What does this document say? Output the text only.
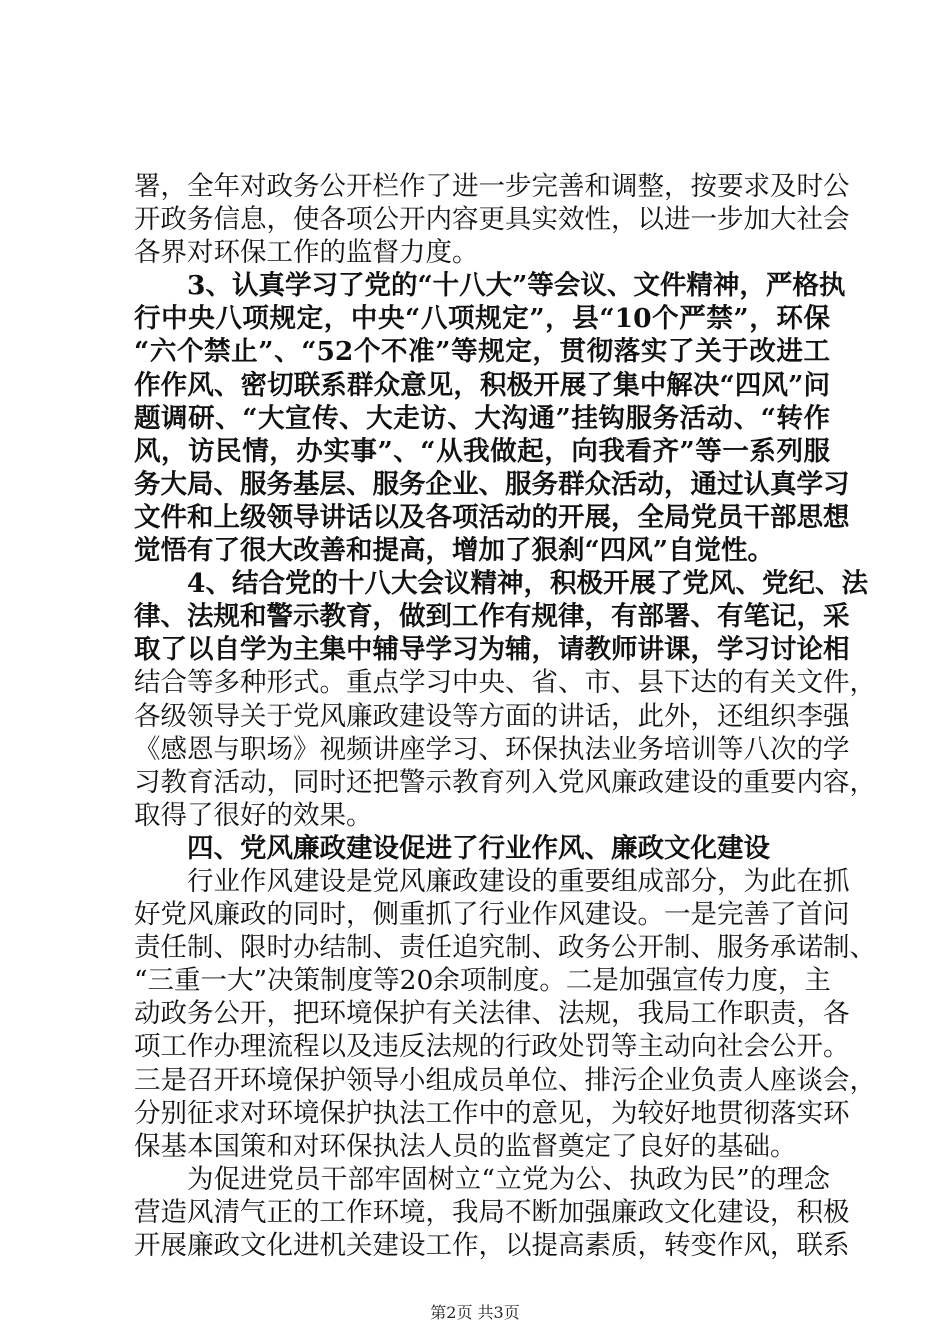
署，全年对政务公开栏作了进一步完善和调整，按要求及时公
开政务信息，使各项公开内容更具实效性，以进一步加大社会
各界对环保工作的监督力度。
3、认真学习了党的“十八大”等会议、文件精神，严格执
行中央八项规定，中央“八项规定”，县“10个严禁”，环保
“六个禁止”、“52个不准”等规定，贯彻落实了关于改进工
作作风、密切联系群众意见，积极开展了集中解决“四风”问
题调研、“大宣传、大走访、大沟通”挂钩服务活动、“转作
风，访民情，办实事”、“从我做起，向我看齐”等一系列服
务大局、服务基层、服务企业、服务群众活动，通过认真学习
文件和上级领导讲话以及各项活动的开展，全局党员干部思想
觉悟有了很大改善和提高，增加了狠刹“四风”自觉性。
4、结合党的十八大会议精神，积极开展了党风、党纪、法
律、法规和警示教育，做到工作有规律，有部署、有笔记，采
取了以自学为主集中辅导学习为辅，请教师讲课，学习讨论相
结合等多种形式。重点学习中央、省、市、县下达的有关文件，
各级领导关于党风廉政建设等方面的讲话，此外，还组织李强
《感恩与职场》视频讲座学习、环保执法业务培训等八次的学
习教育活动，同时还把警示教育列入党风廉政建设的重要内容，
取得了很好的效果。
四、党风廉政建设促进了行业作风、廉政文化建设
行业作风建设是党风廉政建设的重要组成部分，为此在抓
好党风廉政的同时，侧重抓了行业作风建设。一是完善了首问
责任制、限时办结制、责任追究制、政务公开制、服务承诺制、
“三重一大”决策制度等20余项制度。二是加强宣传力度，主
动政务公开，把环境保护有关法律、法规，我局工作职责，各
项工作办理流程以及违反法规的行政处罚等主动向社会公开。
三是召开环境保护领导小组成员单位、排污企业负责人座谈会，
分别征求对环境保护执法工作中的意见，为较好地贯彻落实环
保基本国策和对环保执法人员的监督奠定了良好的基础。
为促进党员干部牢固树立“立党为公、执政为民”的理念
营造风清气正的工作环境，我局不断加强廉政文化建设，积极
开展廉政文化进机关建设工作，以提高素质，转变作风，联系
第2页 共3页
